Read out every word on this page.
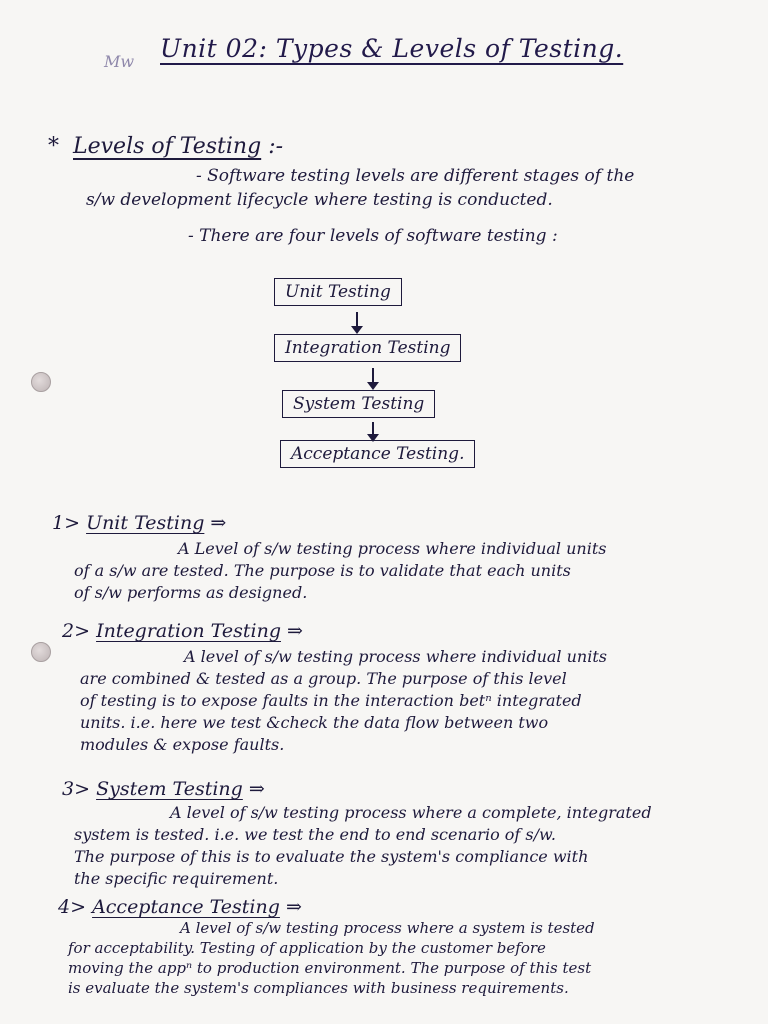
Mw Unit 02: Types & Levels of Testing.
* Levels of Testing :-
- Software testing levels are different stages of the
s/w development lifecycle where testing is conducted.
- There are four levels of software testing :
Unit Testing
Integration Testing
System Testing
Acceptance Testing.
1> Unit Testing ⇒
A Level of s/w testing process where individual units
of a s/w are tested. The purpose is to validate that each units
of s/w performs as designed.
2> Integration Testing ⇒
A level of s/w testing process where individual units
are combined & tested as a group. The purpose of this level
of testing is to expose faults in the interaction betⁿ integrated
units. i.e. here we test &check the data flow between two
modules & expose faults.
3> System Testing ⇒
A level of s/w testing process where a complete, integrated
system is tested. i.e. we test the end to end scenario of s/w.
The purpose of this is to evaluate the system's compliance with
the specific requirement.
4> Acceptance Testing ⇒
A level of s/w testing process where a system is tested
for acceptability. Testing of application by the customer before
moving the appⁿ to production environment. The purpose of this test
is evaluate the system's compliances with business requirements.
